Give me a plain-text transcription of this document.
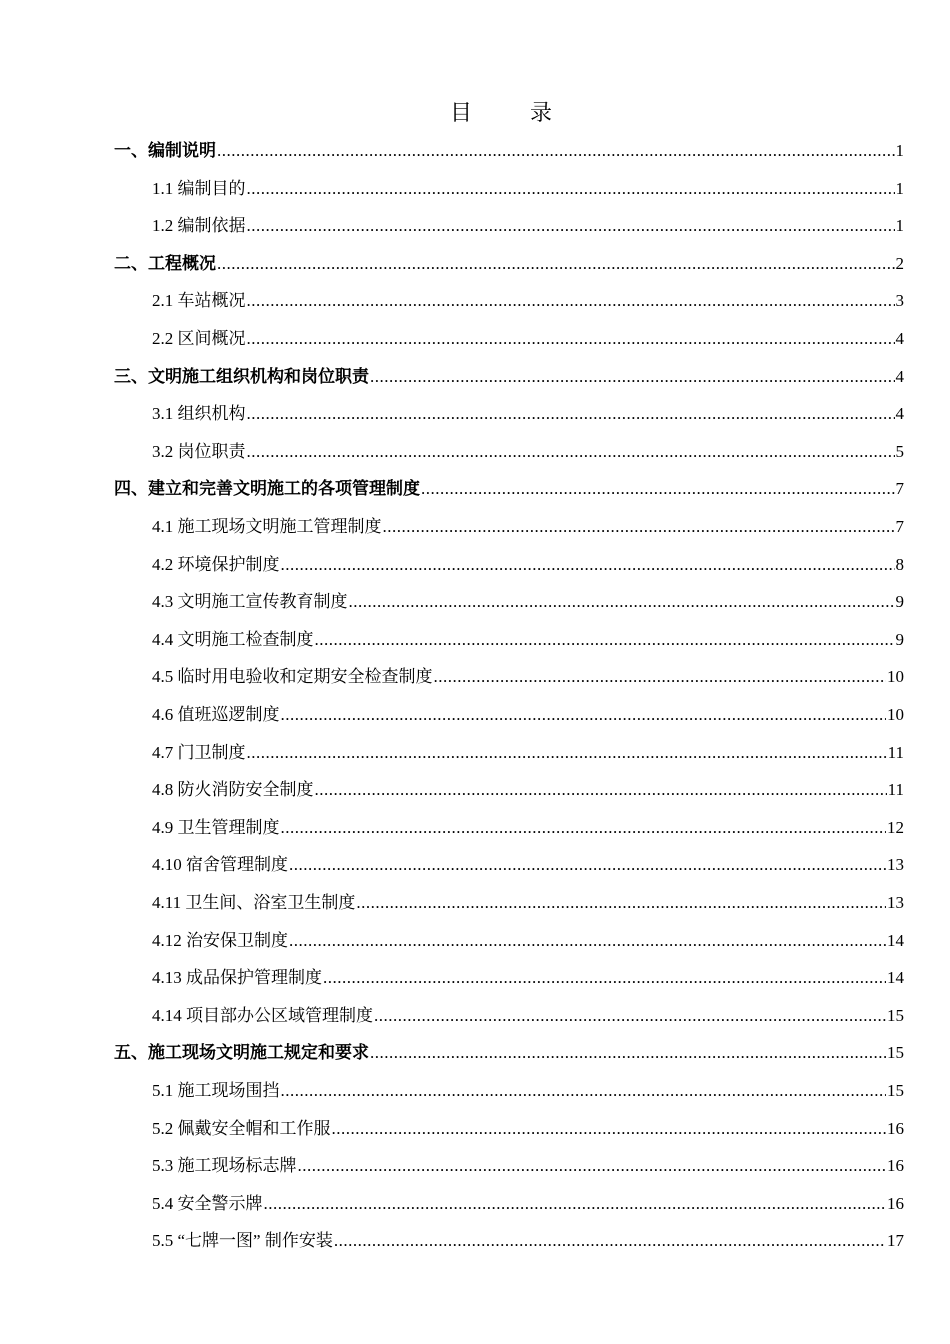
目　录
一、编制说明 .....	1
1.1 编制目的 .....	1
1.2 编制依据 .....	1
二、工程概况 .....	2
2.1 车站概况 .....	3
2.2 区间概况 .....	4
三、文明施工组织机构和岗位职责 .....	4
3.1 组织机构 .....	4
3.2 岗位职责 .....	5
四、建立和完善文明施工的各项管理制度 .....	7
4.1 施工现场文明施工管理制度 .....	7
4.2 环境保护制度 .....	8
4.3 文明施工宣传教育制度 .....	9
4.4 文明施工检查制度 .....	9
4.5 临时用电验收和定期安全检查制度 .....	10
4.6 值班巡逻制度 .....	10
4.7 门卫制度 .....	11
4.8 防火消防安全制度 .....	11
4.9 卫生管理制度 .....	12
4.10 宿舍管理制度 .....	13
4.11 卫生间、浴室卫生制度 .....	13
4.12 治安保卫制度 .....	14
4.13 成品保护管理制度 .....	14
4.14 项目部办公区域管理制度 .....	15
五、施工现场文明施工规定和要求 .....	15
5.1 施工现场围挡 .....	15
5.2 佩戴安全帽和工作服 .....	16
5.3 施工现场标志牌 .....	16
5.4 安全警示牌 .....	16
5.5 “七牌一图” 制作安装 .....	17
